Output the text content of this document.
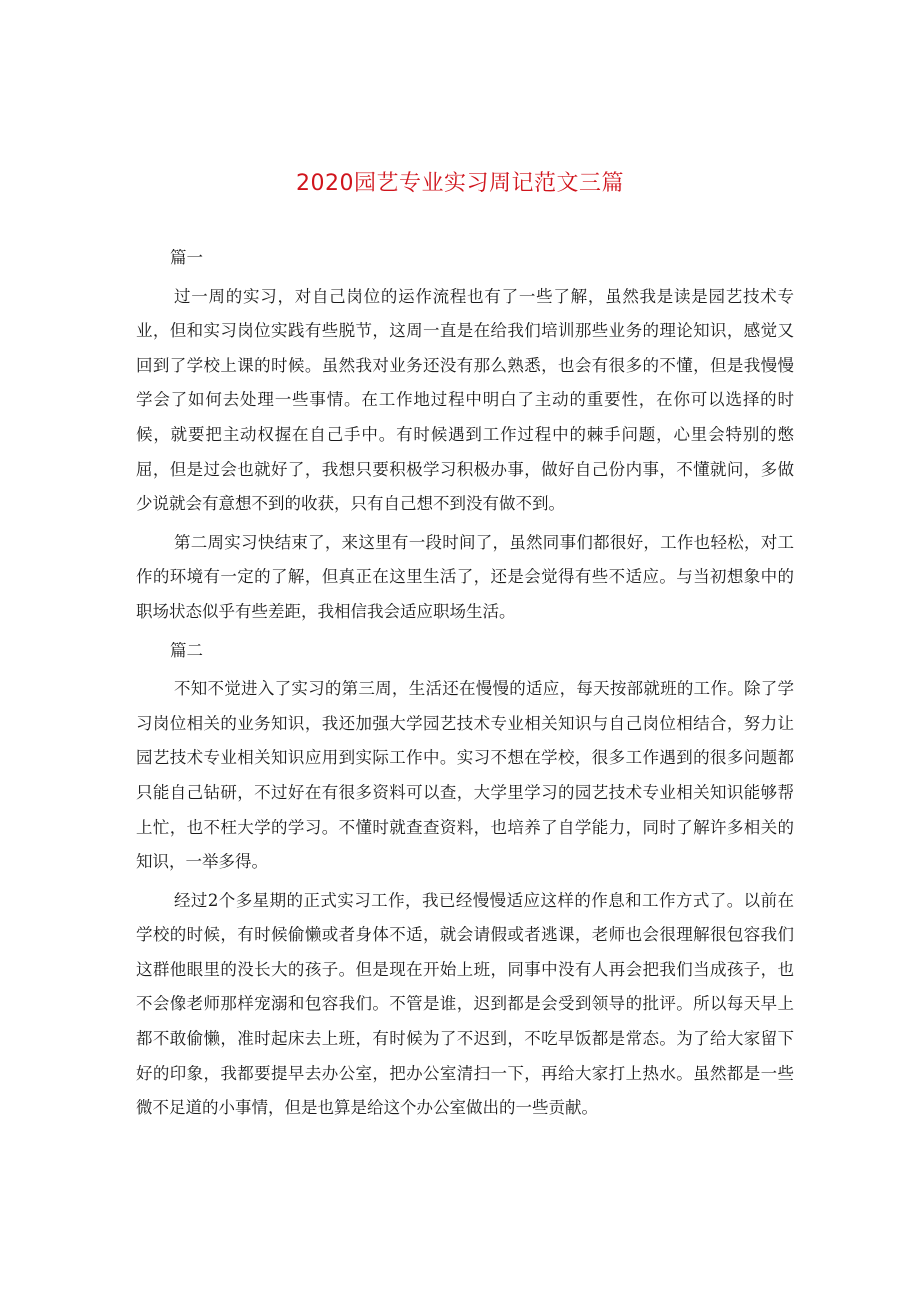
2020园艺专业实习周记范文三篇
篇一

过一周的实习，对自己岗位的运作流程也有了一些了解，虽然我是读是园艺技术专业，但和实习岗位实践有些脱节，这周一直是在给我们培训那些业务的理论知识，感觉又回到了学校上课的时候。虽然我对业务还没有那么熟悉，也会有很多的不懂，但是我慢慢学会了如何去处理一些事情。在工作地过程中明白了主动的重要性，在你可以选择的时候，就要把主动权握在自己手中。有时候遇到工作过程中的棘手问题，心里会特别的憋屈，但是过会也就好了，我想只要积极学习积极办事，做好自己份内事，不懂就问，多做少说就会有意想不到的收获，只有自己想不到没有做不到。

第二周实习快结束了，来这里有一段时间了，虽然同事们都很好，工作也轻松，对工作的环境有一定的了解，但真正在这里生活了，还是会觉得有些不适应。与当初想象中的职场状态似乎有些差距，我相信我会适应职场生活。

篇二

不知不觉进入了实习的第三周，生活还在慢慢的适应，每天按部就班的工作。除了学习岗位相关的业务知识，我还加强大学园艺技术专业相关知识与自己岗位相结合，努力让园艺技术专业相关知识应用到实际工作中。实习不想在学校，很多工作遇到的很多问题都只能自己钻研，不过好在有很多资料可以查，大学里学习的园艺技术专业相关知识能够帮上忙，也不枉大学的学习。不懂时就查查资料，也培养了自学能力，同时了解许多相关的知识，一举多得。

经过2个多星期的正式实习工作，我已经慢慢适应这样的作息和工作方式了。以前在学校的时候，有时候偷懒或者身体不适，就会请假或者逃课，老师也会很理解很包容我们这群他眼里的没长大的孩子。但是现在开始上班，同事中没有人再会把我们当成孩子，也不会像老师那样宠溺和包容我们。不管是谁，迟到都是会受到领导的批评。所以每天早上都不敢偷懒，准时起床去上班，有时候为了不迟到，不吃早饭都是常态。为了给大家留下好的印象，我都要提早去办公室，把办公室清扫一下，再给大家打上热水。虽然都是一些微不足道的小事情，但是也算是给这个办公室做出的一些贡献。
